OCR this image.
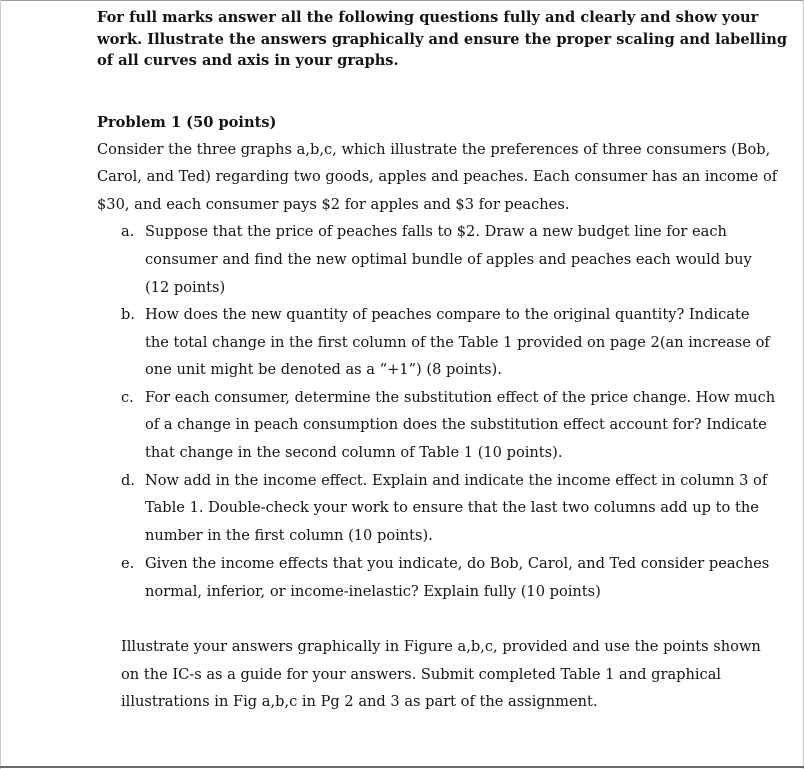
For full marks answer all the following questions fully and clearly and show your
work. Illustrate the answers graphically and ensure the proper scaling and labelling
of all curves and axis in your graphs.
Problem 1 (50 points)
Consider the three graphs a,b,c, which illustrate the preferences of three consumers (Bob,
Carol, and Ted) regarding two goods, apples and peaches. Each consumer has an income of
$30, and each consumer pays $2 for apples and $3 for peaches.
a. Suppose that the price of peaches falls to $2. Draw a new budget line for each
consumer and find the new optimal bundle of apples and peaches each would buy
(12 points)
b. How does the new quantity of peaches compare to the original quantity? Indicate
the total change in the first column of the Table 1 provided on page 2(an increase of
one unit might be denoted as a “+1”) (8 points).
c. For each consumer, determine the substitution effect of the price change. How much
of a change in peach consumption does the substitution effect account for? Indicate
that change in the second column of Table 1 (10 points).
d. Now add in the income effect. Explain and indicate the income effect in column 3 of
Table 1. Double-check your work to ensure that the last two columns add up to the
number in the first column (10 points).
e. Given the income effects that you indicate, do Bob, Carol, and Ted consider peaches
normal, inferior, or income-inelastic? Explain fully (10 points)
Illustrate your answers graphically in Figure a,b,c, provided and use the points shown
on the IC-s as a guide for your answers. Submit completed Table 1 and graphical
illustrations in Fig a,b,c in Pg 2 and 3 as part of the assignment.
